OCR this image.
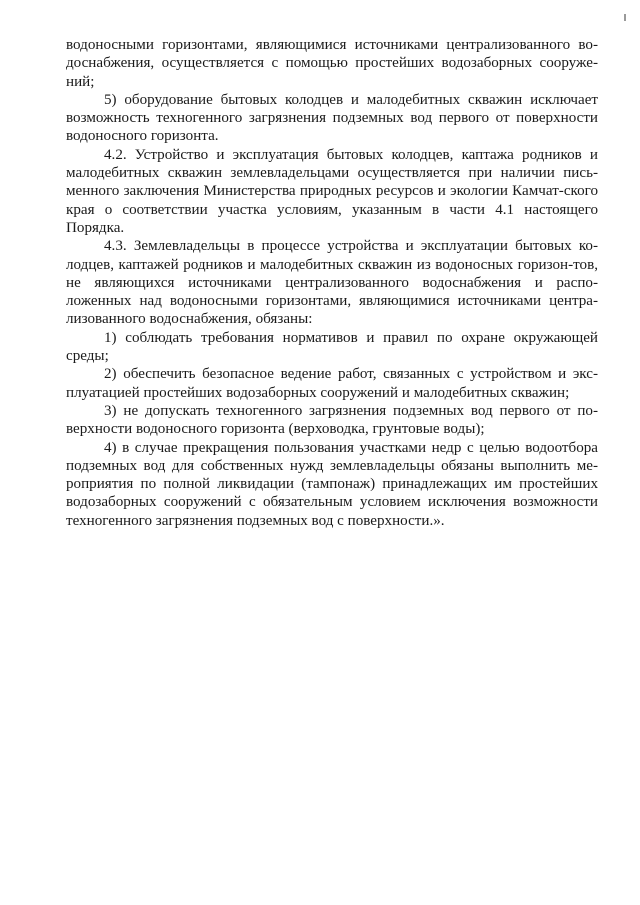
водоносными горизонтами, являющимися источниками централизованного во-доснабжения, осуществляется с помощью простейших водозаборных сооруже-ний;

5) оборудование бытовых колодцев и малодебитных скважин исключает возможность техногенного загрязнения подземных вод первого от поверхности водоносного горизонта.

4.2. Устройство и эксплуатация бытовых колодцев, каптажа родников и малодебитных скважин землевладельцами осуществляется при наличии пись-менного заключения Министерства природных ресурсов и экологии Камчат-ского края о соответствии участка условиям, указанным в части 4.1 настоящего Порядка.

4.3. Землевладельцы в процессе устройства и эксплуатации бытовых ко-лодцев, каптажей родников и малодебитных скважин из водоносных горизон-тов, не являющихся источниками централизованного водоснабжения и распо-ложенных над водоносными горизонтами, являющимися источниками центра-лизованного водоснабжения, обязаны:

1) соблюдать требования нормативов и правил по охране окружающей среды;

2) обеспечить безопасное ведение работ, связанных с устройством и экс-плуатацией простейших водозаборных сооружений и малодебитных скважин;

3) не допускать техногенного загрязнения подземных вод первого от по-верхности водоносного горизонта (верховодка, грунтовые воды);

4) в случае прекращения пользования участками недр с целью водоотбора подземных вод для собственных нужд землевладельцы обязаны выполнить ме-роприятия по полной ликвидации (тампонаж) принадлежащих им простейших водозаборных сооружений с обязательным условием исключения возможности техногенного загрязнения подземных вод с поверхности.».
